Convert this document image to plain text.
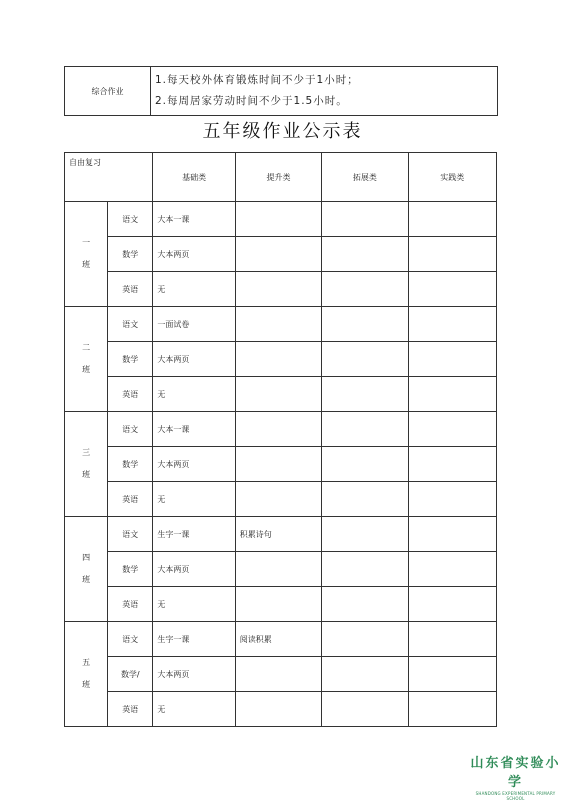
综合作业	
1.每天校外体育锻炼时间不少于1小时；
2.每周居家劳动时间不少于1.5小时。
五年级作业公示表
自由复习		基础类	提升类	拓展类	实践类

一
班	语文	大本一课			
	数学	大本两页			
	英语	无			

二
班	语文	一面试卷			
	数学	大本两页			
	英语	无			

三
班	语文	大本一课			
	数学	大本两页			
	英语	无			

四
班	语文	生字一课	积累诗句		
	数学	大本两页			
	英语	无			

五
班	语文	生字一课	阅读积累		
	数学/	大本两页			
	英语	无			
山东省实验小学
SHANDONG EXPERIMENTAL PRIMARY SCHOOL
